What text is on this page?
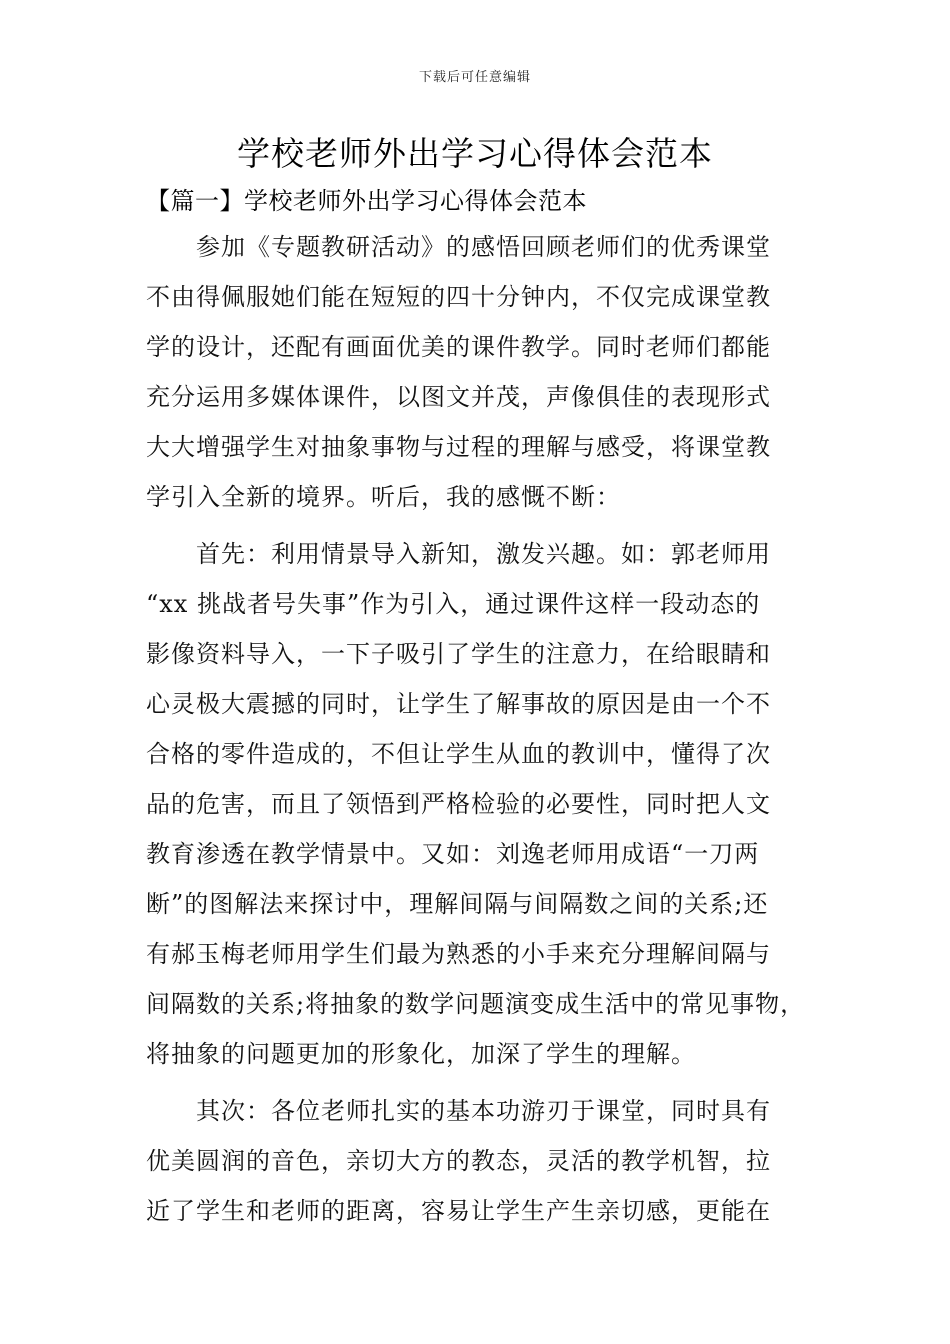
下载后可任意编辑
学校老师外出学习心得体会范本
【篇一】学校老师外出学习心得体会范本
参加《专题教研活动》的感悟回顾老师们的优秀课堂
不由得佩服她们能在短短的四十分钟内，不仅完成课堂教
学的设计，还配有画面优美的课件教学。同时老师们都能
充分运用多媒体课件，以图文并茂，声像俱佳的表现形式
大大增强学生对抽象事物与过程的理解与感受，将课堂教
学引入全新的境界。听后，我的感慨不断：
首先：利用情景导入新知，激发兴趣。如：郭老师用
“xx 挑战者号失事”作为引入，通过课件这样一段动态的
影像资料导入，一下子吸引了学生的注意力，在给眼睛和
心灵极大震撼的同时，让学生了解事故的原因是由一个不
合格的零件造成的，不但让学生从血的教训中，懂得了次
品的危害，而且了领悟到严格检验的必要性，同时把人文
教育渗透在教学情景中。又如：刘逸老师用成语“一刀两
断”的图解法来探讨中，理解间隔与间隔数之间的关系;还
有郝玉梅老师用学生们最为熟悉的小手来充分理解间隔与
间隔数的关系;将抽象的数学问题演变成生活中的常见事物，
将抽象的问题更加的形象化，加深了学生的理解。
其次：各位老师扎实的基本功游刃于课堂，同时具有
优美圆润的音色，亲切大方的教态，灵活的教学机智，拉
近了学生和老师的距离，容易让学生产生亲切感，更能在
